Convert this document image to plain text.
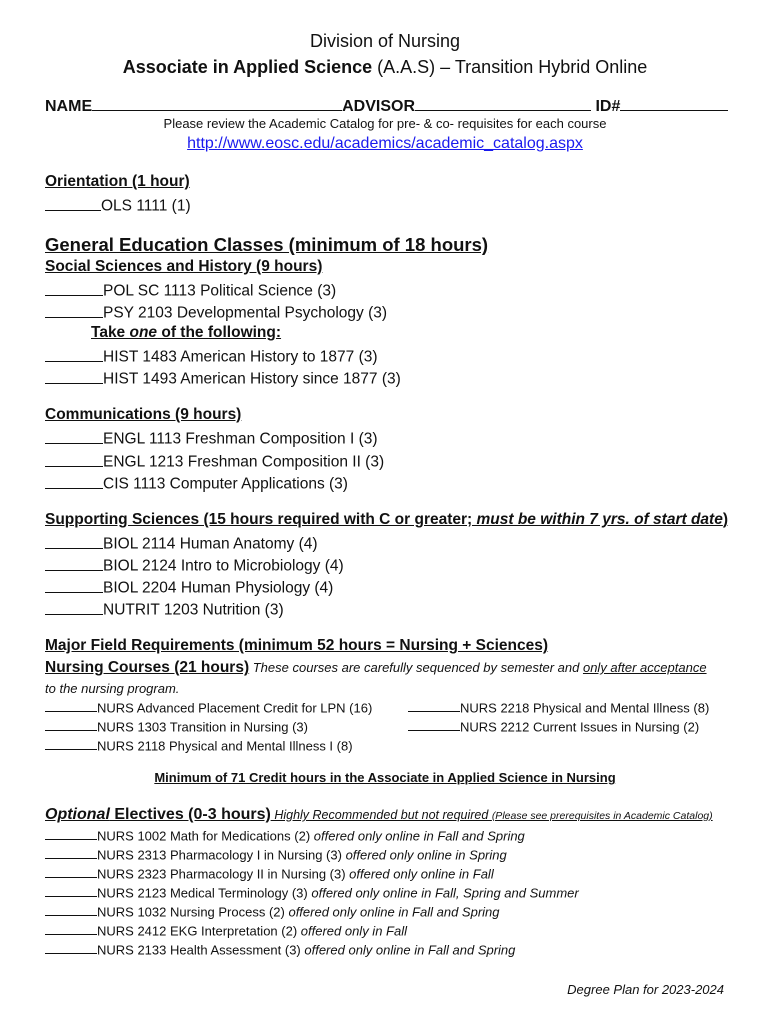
Division of Nursing
Associate in Applied Science (A.A.S) – Transition Hybrid Online
NAME	ADVISOR	ID#
Please review the Academic Catalog for pre- & co- requisites for each course
http://www.eosc.edu/academics/academic_catalog.aspx
Orientation (1 hour)
OLS 1111 (1)
General Education Classes (minimum of 18 hours)
Social Sciences and History (9 hours)
POL SC 1113 Political Science (3)
PSY 2103 Developmental Psychology (3)
Take one of the following:
HIST 1483 American History to 1877 (3)
HIST 1493 American History since 1877 (3)
Communications (9 hours)
ENGL 1113 Freshman Composition I (3)
ENGL 1213 Freshman Composition II (3)
CIS 1113 Computer Applications (3)
Supporting Sciences (15 hours required with C or greater; must be within 7 yrs. of start date)
BIOL 2114 Human Anatomy (4)
BIOL 2124 Intro to Microbiology (4)
BIOL 2204 Human Physiology (4)
NUTRIT 1203 Nutrition (3)
Major Field Requirements (minimum 52 hours = Nursing + Sciences)
Nursing Courses (21 hours) These courses are carefully sequenced by semester and only after acceptance
to the nursing program.
NURS Advanced Placement Credit for LPN (16)
NURS 1303 Transition in Nursing (3)
NURS 2118 Physical and Mental Illness I (8)
NURS 2218 Physical and Mental Illness (8)
NURS 2212 Current Issues in Nursing (2)
Minimum of 71 Credit hours in the Associate in Applied Science in Nursing
Optional Electives (0-3 hours) Highly Recommended but not required (Please see prerequisites in Academic Catalog)
NURS 1002 Math for Medications (2) offered only online in Fall and Spring
NURS 2313 Pharmacology I in Nursing (3) offered only online in Spring
NURS 2323 Pharmacology II in Nursing (3) offered only online in Fall
NURS 2123 Medical Terminology (3) offered only online in Fall, Spring and Summer
NURS 1032 Nursing Process (2) offered only online in Fall and Spring
NURS 2412 EKG Interpretation (2) offered only in Fall
NURS 2133 Health Assessment (3) offered only online in Fall and Spring
Degree Plan for 2023-2024
